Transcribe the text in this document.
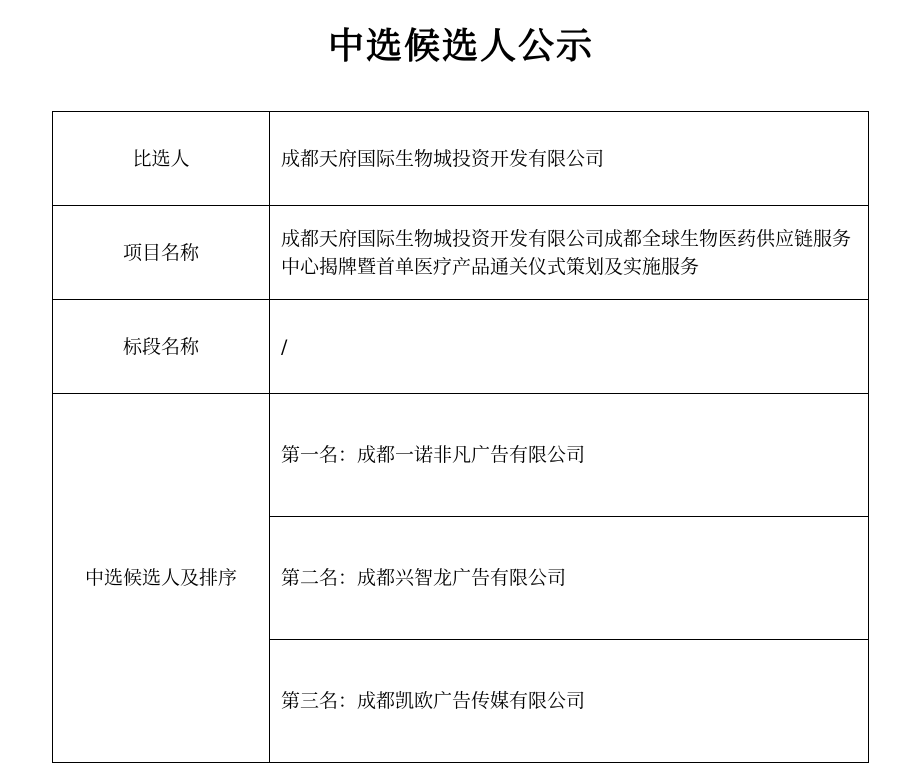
中选候选人公示
比选人	成都天府国际生物城投资开发有限公司
项目名称	成都天府国际生物城投资开发有限公司成都全球生物医药供应链服务中心揭牌暨首单医疗产品通关仪式策划及实施服务
标段名称	/
中选候选人及排序	第一名：成都一诺非凡广告有限公司
	第二名：成都兴智龙广告有限公司
	第三名：成都凯欧广告传媒有限公司
